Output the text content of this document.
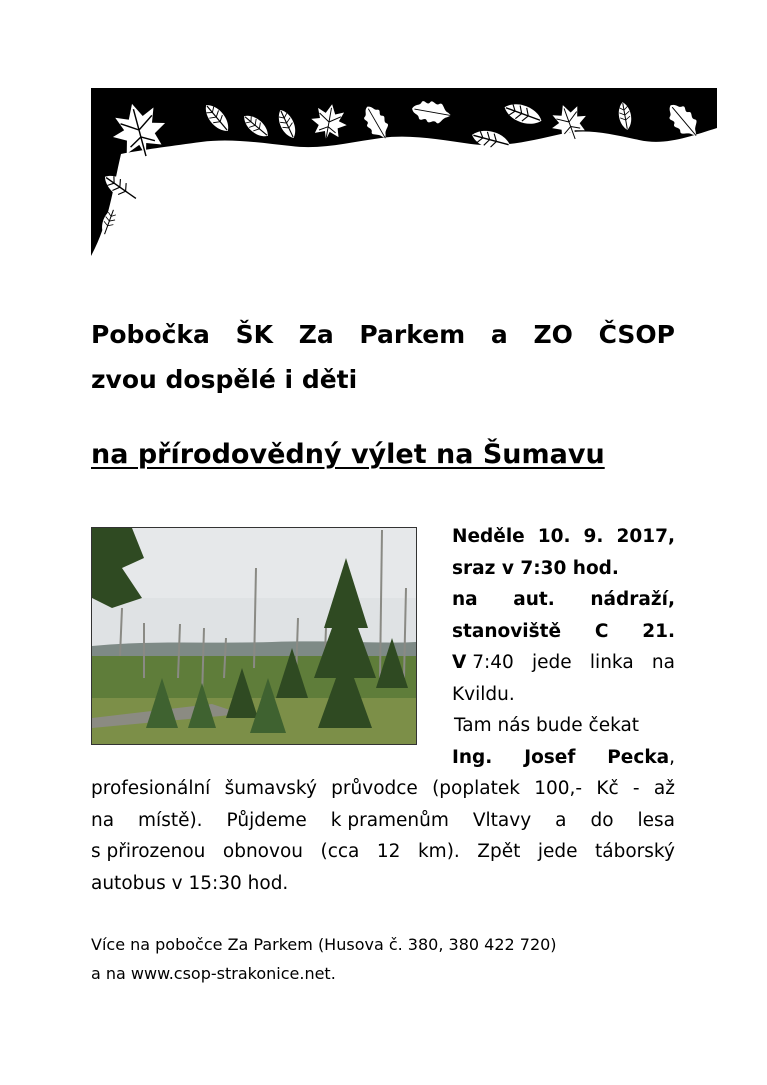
Pobočka ŠK Za Parkem a ZO ČSOP
zvou dospělé i děti
na přírodovědný výlet na Šumavu
Neděle 10. 9. 2017,
sraz v 7:30 hod.
na aut. nádraží,
stanoviště C 21.
V 7:40 jede linka na
Kvildu.
Tam nás bude čekat
Ing. Josef Pecka,
profesionální šumavský průvodce (poplatek 100,- Kč - až
na místě). Půjdeme k pramenům Vltavy a do lesa
s přirozenou obnovou (cca 12 km). Zpět jede táborský
autobus v 15:30 hod.
Více na pobočce Za Parkem (Husova č. 380, 380 422 720)
a na www.csop-strakonice.net.
